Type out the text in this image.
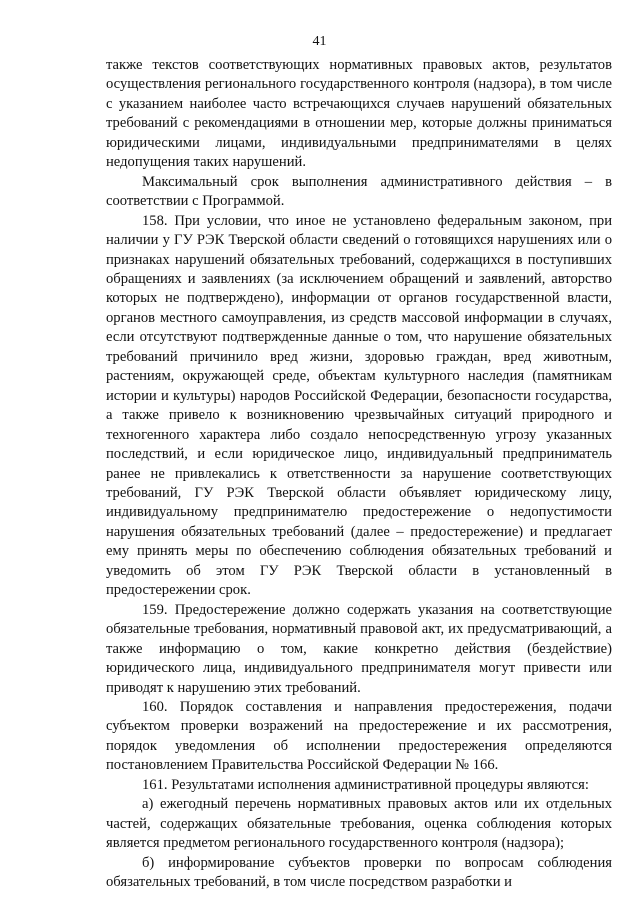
41

также текстов соответствующих нормативных правовых актов, результатов осуществления регионального государственного контроля (надзора), в том числе с указанием наиболее часто встречающихся случаев нарушений обязательных требований с рекомендациями в отношении мер, которые должны приниматься юридическими лицами, индивидуальными предпринимателями в целях недопущения таких нарушений.

Максимальный срок выполнения административного действия – в соответствии с Программой.

158. При условии, что иное не установлено федеральным законом, при наличии у ГУ РЭК Тверской области сведений о готовящихся нарушениях или о признаках нарушений обязательных требований, содержащихся в поступивших обращениях и заявлениях (за исключением обращений и заявлений, авторство которых не подтверждено), информации от органов государственной власти, органов местного самоуправления, из средств массовой информации в случаях, если отсутствуют подтвержденные данные о том, что нарушение обязательных требований причинило вред жизни, здоровью граждан, вред животным, растениям, окружающей среде, объектам культурного наследия (памятникам истории и культуры) народов Российской Федерации, безопасности государства, а также привело к возникновению чрезвычайных ситуаций природного и техногенного характера либо создало непосредственную угрозу указанных последствий, и если юридическое лицо, индивидуальный предприниматель ранее не привлекались к ответственности за нарушение соответствующих требований, ГУ РЭК Тверской области объявляет юридическому лицу, индивидуальному предпринимателю предостережение о недопустимости нарушения обязательных требований (далее – предостережение) и предлагает ему принять меры по обеспечению соблюдения обязательных требований и уведомить об этом ГУ РЭК Тверской области в установленный в предостережении срок.

159. Предостережение должно содержать указания на соответствующие обязательные требования, нормативный правовой акт, их предусматривающий, а также информацию о том, какие конкретно действия (бездействие) юридического лица, индивидуального предпринимателя могут привести или приводят к нарушению этих требований.

160. Порядок составления и направления предостережения, подачи субъектом проверки возражений на предостережение и их рассмотрения, порядок уведомления об исполнении предостережения определяются постановлением Правительства Российской Федерации № 166.

161. Результатами исполнения административной процедуры являются:

а) ежегодный перечень нормативных правовых актов или их отдельных частей, содержащих обязательные требования, оценка соблюдения которых является предметом регионального государственного контроля (надзора);

б) информирование субъектов проверки по вопросам соблюдения обязательных требований, в том числе посредством разработки и
